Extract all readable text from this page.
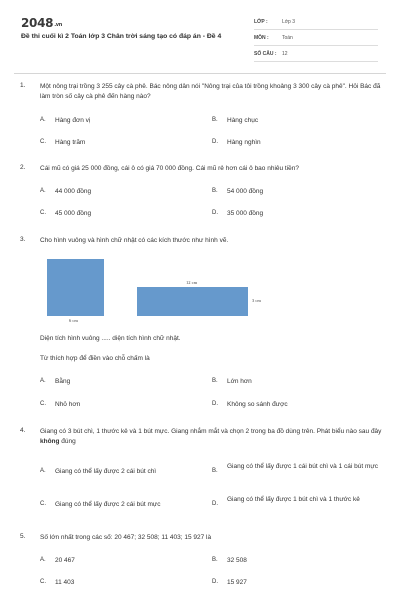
2048.vn
Đề thi cuối kì 2 Toán lớp 3 Chân trời sáng tạo có đáp án - Đề 4
LỚP :	Lớp 3
MÔN :	Toán
SỐ CÂU :	12
1. Một nông trại trồng 3 255 cây cà phê. Bác nông dân nói "Nông trại của tôi trồng khoảng 3 300 cây cà phê". Hỏi Bác đã làm tròn số cây cà phê đến hàng nào?
A.	Hàng đơn vị	B.	Hàng chục
C.	Hàng trăm	D.	Hàng nghìn
2. Cái mũ có giá 25 000 đồng, cái ô có giá 70 000 đồng. Cái mũ rẻ hơn cái ô bao nhiêu tiền?
A.	44 000 đồng	B.	54 000 đồng
C.	45 000 đồng	D.	35 000 đồng
3. Cho hình vuông và hình chữ nhật có các kích thước như hình vẽ.
6 cm
12 cm
3 cm
Diện tích hình vuông ..... diện tích hình chữ nhật.
Từ thích hợp để điền vào chỗ chấm là
A.	Bằng	B.	Lớn hơn
C.	Nhỏ hơn	D.	Không so sánh được
4. Giang có 3 bút chì, 1 thước kẻ và 1 bút mực. Giang nhắm mắt và chọn 2 trong ba đồ dùng trên. Phát biểu nào sau đây không đúng
A.	Giang có thể lấy được 2 cái bút chì	B.
Giang có thể lấy được 1 cái bút chì và 1 cái bút mực
C.	Giang có thể lấy được 2 cái bút mực	D.
Giang có thể lấy được 1 bút chì và 1 thước kẻ
5. Số lớn nhất trong các số: 20 467; 32 508; 11 403; 15 927 là
A.	20 467	B.	32 508
C.	11 403	D.	15 927
